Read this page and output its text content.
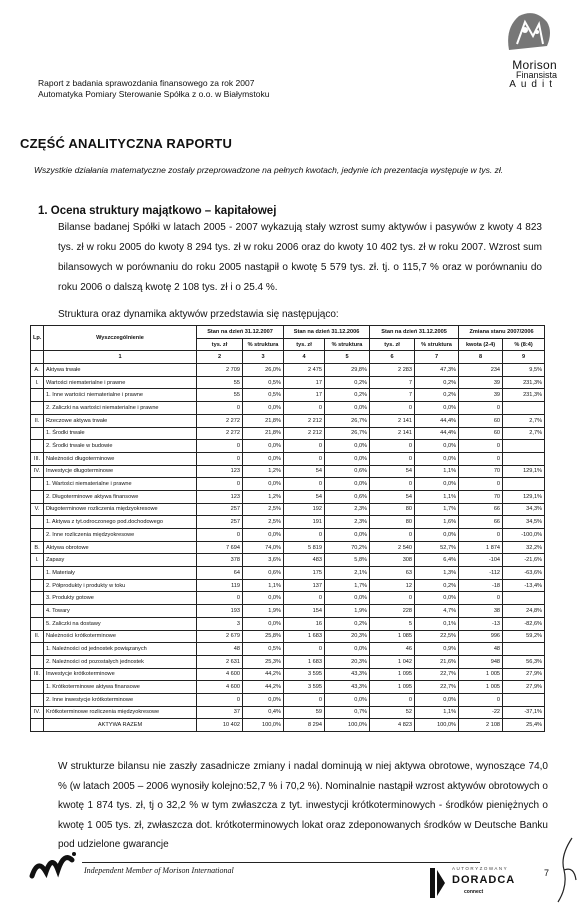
Raport z badania sprawozdania finansowego za rok 2007
Automatyka Pomiary Sterowanie Spółka z o.o. w Białymstoku
Morison
Finansista
Audit
CZĘŚĆ ANALITYCZNA RAPORTU
Wszystkie działania matematyczne zostały przeprowadzone na pełnych kwotach, jedynie ich prezentacja występuje w tys. zł.
1. Ocena struktury majątkowo – kapitałowej
Bilanse badanej Spółki w latach 2005 - 2007 wykazują stały wzrost sumy aktywów i pasywów z kwoty 4 823 tys. zł w roku 2005 do kwoty 8 294 tys. zł w roku 2006 oraz do kwoty 10 402 tys. zł w roku 2007. Wzrost sum bilansowych w porównaniu do roku 2005 nastąpił o kwotę 5 579 tys. zł. tj. o 115,7 % oraz w porównaniu do roku 2006 o dalszą kwotę 2 108 tys. zł i o 25.4 %.
Struktura oraz dynamika aktywów przedstawia się następująco:
Lp.	Wyszczególnienie	Stan na dzień 31.12.2007		Stan na dzień 31.12.2006		Stan na dzień 31.12.2005		Zmiana stanu 2007/2006	
		tys. zł	% struktura	tys. zł	% struktura	tys. zł	% struktura	kwota (2-4)	% (8:4)
	1	2	3	4	5	6	7	8	9
A.	Aktywa trwałe	2 709	26,0%	2 475	29,8%	2 283	47,3%	234	9,5%
I.	Wartości niematerialne i prawne	55	0,5%	17	0,2%	7	0,2%	39	231,3%
	1. Inne wartości niematerialne i prawne	55	0,5%	17	0,2%	7	0,2%	39	231,3%
	2. Zaliczki na wartości niematerialne i prawne	0	0,0%	0	0,0%	0	0,0%	0	
II.	Rzeczowe aktywa trwałe	2 272	21,8%	2 212	26,7%	2 141	44,4%	60	2,7%
	1. Środki trwałe	2 272	21,8%	2 212	26,7%	2 141	44,4%	60	2,7%
	2. Środki trwałe w budowie	0	0,0%	0	0,0%	0	0,0%	0	
III.	Należności długoterminowe	0	0,0%	0	0,0%	0	0,0%	0	
IV.	Inwestycje długoterminowe	123	1,2%	54	0,6%	54	1,1%	70	129,1%
	1. Wartości niematerialne i prawne	0	0,0%	0	0,0%	0	0,0%	0	
	2. Długoterminowe aktywa finansowe	123	1,2%	54	0,6%	54	1,1%	70	129,1%
V.	Długoterminowe rozliczenia międzyokresowe	257	2,5%	192	2,3%	80	1,7%	66	34,3%
	1. Aktywa z tyt.odroczonego pod.dochodowego	257	2,5%	191	2,3%	80	1,6%	66	34,5%
	2. Inne rozliczenia międzyokresowe	0	0,0%	0	0,0%	0	0,0%	0	-100,0%
B.	Aktywa obrotowe	7 694	74,0%	5 819	70,2%	2 540	52,7%	1 874	32,2%
I.	Zapasy	378	3,6%	483	5,8%	308	6,4%	-104	-21,6%
	1. Materiały	64	0,6%	175	2,1%	63	1,3%	-112	-63,6%
	2. Półprodukty i produkty w toku	119	1,1%	137	1,7%	12	0,2%	-18	-13,4%
	3. Produkty gotowe	0	0,0%	0	0,0%	0	0,0%	0	
	4. Towary	193	1,9%	154	1,9%	228	4,7%	38	24,8%
	5. Zaliczki na dostawy	3	0,0%	16	0,2%	5	0,1%	-13	-82,6%
II.	Należności krótkoterminowe	2 679	25,8%	1 683	20,3%	1 085	22,5%	996	59,2%
	1. Należności od jednostek powiązanych	48	0,5%	0	0,0%	46	0,9%	48	
	2. Należności od pozostałych jednostek	2 631	25,3%	1 683	20,3%	1 042	21,6%	948	56,3%
III.	Inwestycje krótkoterminowe	4 600	44,2%	3 595	43,3%	1 095	22,7%	1 005	27,9%
	1. Krótkoterminowe aktywa finansowe	4 600	44,2%	3 595	43,3%	1 095	22,7%	1 005	27,9%
	2. Inne inwestycje krótkoterminowe	0	0,0%	0	0,0%	0	0,0%	0	
IV.	Krótkoterminowe rozliczenia międzyokresowe	37	0,4%	59	0,7%	52	1,1%	-22	-37,1%
	AKTYWA RAZEM	10 402	100,0%	8 294	100,0%	4 823	100,0%	2 108	25,4%
W strukturze bilansu nie zaszły zasadnicze zmiany i nadal dominują w niej aktywa obrotowe, wynoszące 74,0 % (w latach 2005 – 2006 wynosiły kolejno:52,7 % i 70,2 %). Nominalnie nastąpił wzrost aktywów obrotowych o kwotę 1 874 tys. zł, tj o 32,2 % w tym zwłaszcza z tyt. inwestycji krótkoterminowych - środków pieniężnych o kwotę 1 005 tys. zł, zwłaszcza dot. krótkoterminowych lokat oraz zdeponowanych środków w Deutsche Banku pod udzielone gwarancje
Independent Member of Morison International	AUTORYZOWANY
DORADCA
connect
7
